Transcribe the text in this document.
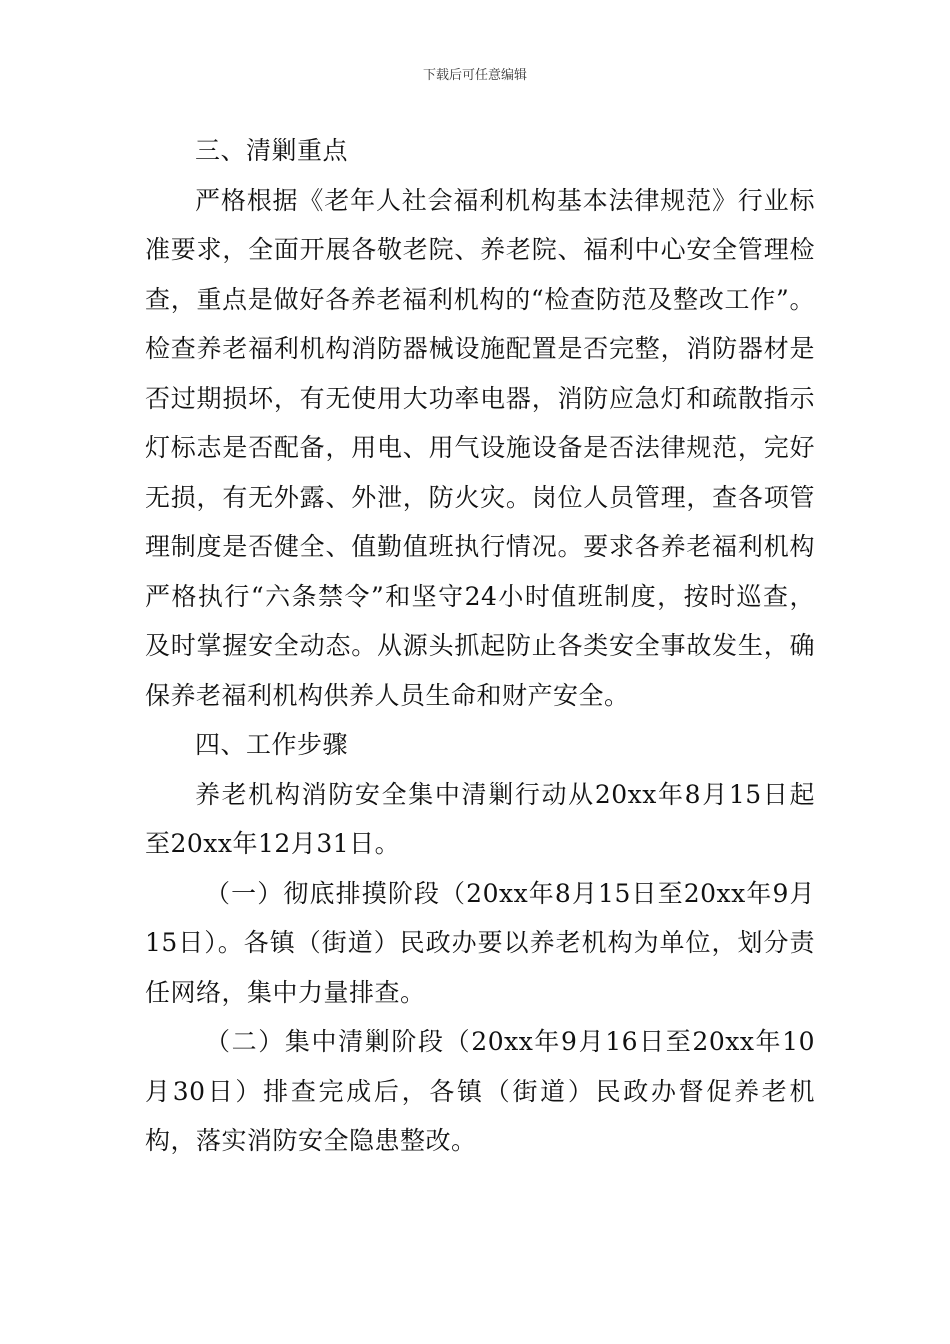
下载后可任意编辑

三、清剿重点

严格根据《老年人社会福利机构基本法律规范》行业标准要求，全面开展各敬老院、养老院、福利中心安全管理检查，重点是做好各养老福利机构的“检查防范及整改工作”。检查养老福利机构消防器械设施配置是否完整，消防器材是否过期损坏，有无使用大功率电器，消防应急灯和疏散指示灯标志是否配备，用电、用气设施设备是否法律规范，完好无损，有无外露、外泄，防火灾。岗位人员管理，查各项管理制度是否健全、值勤值班执行情况。要求各养老福利机构严格执行“六条禁令”和坚守24小时值班制度，按时巡查，及时掌握安全动态。从源头抓起防止各类安全事故发生，确保养老福利机构供养人员生命和财产安全。

四、工作步骤

养老机构消防安全集中清剿行动从20xx年8月15日起至20xx年12月31日。

（一）彻底排摸阶段（20xx年8月15日至20xx年9月15日）。各镇（街道）民政办要以养老机构为单位，划分责任网络，集中力量排查。

（二）集中清剿阶段（20xx年9月16日至20xx年10月30日）排查完成后，各镇（街道）民政办督促养老机构，落实消防安全隐患整改。
